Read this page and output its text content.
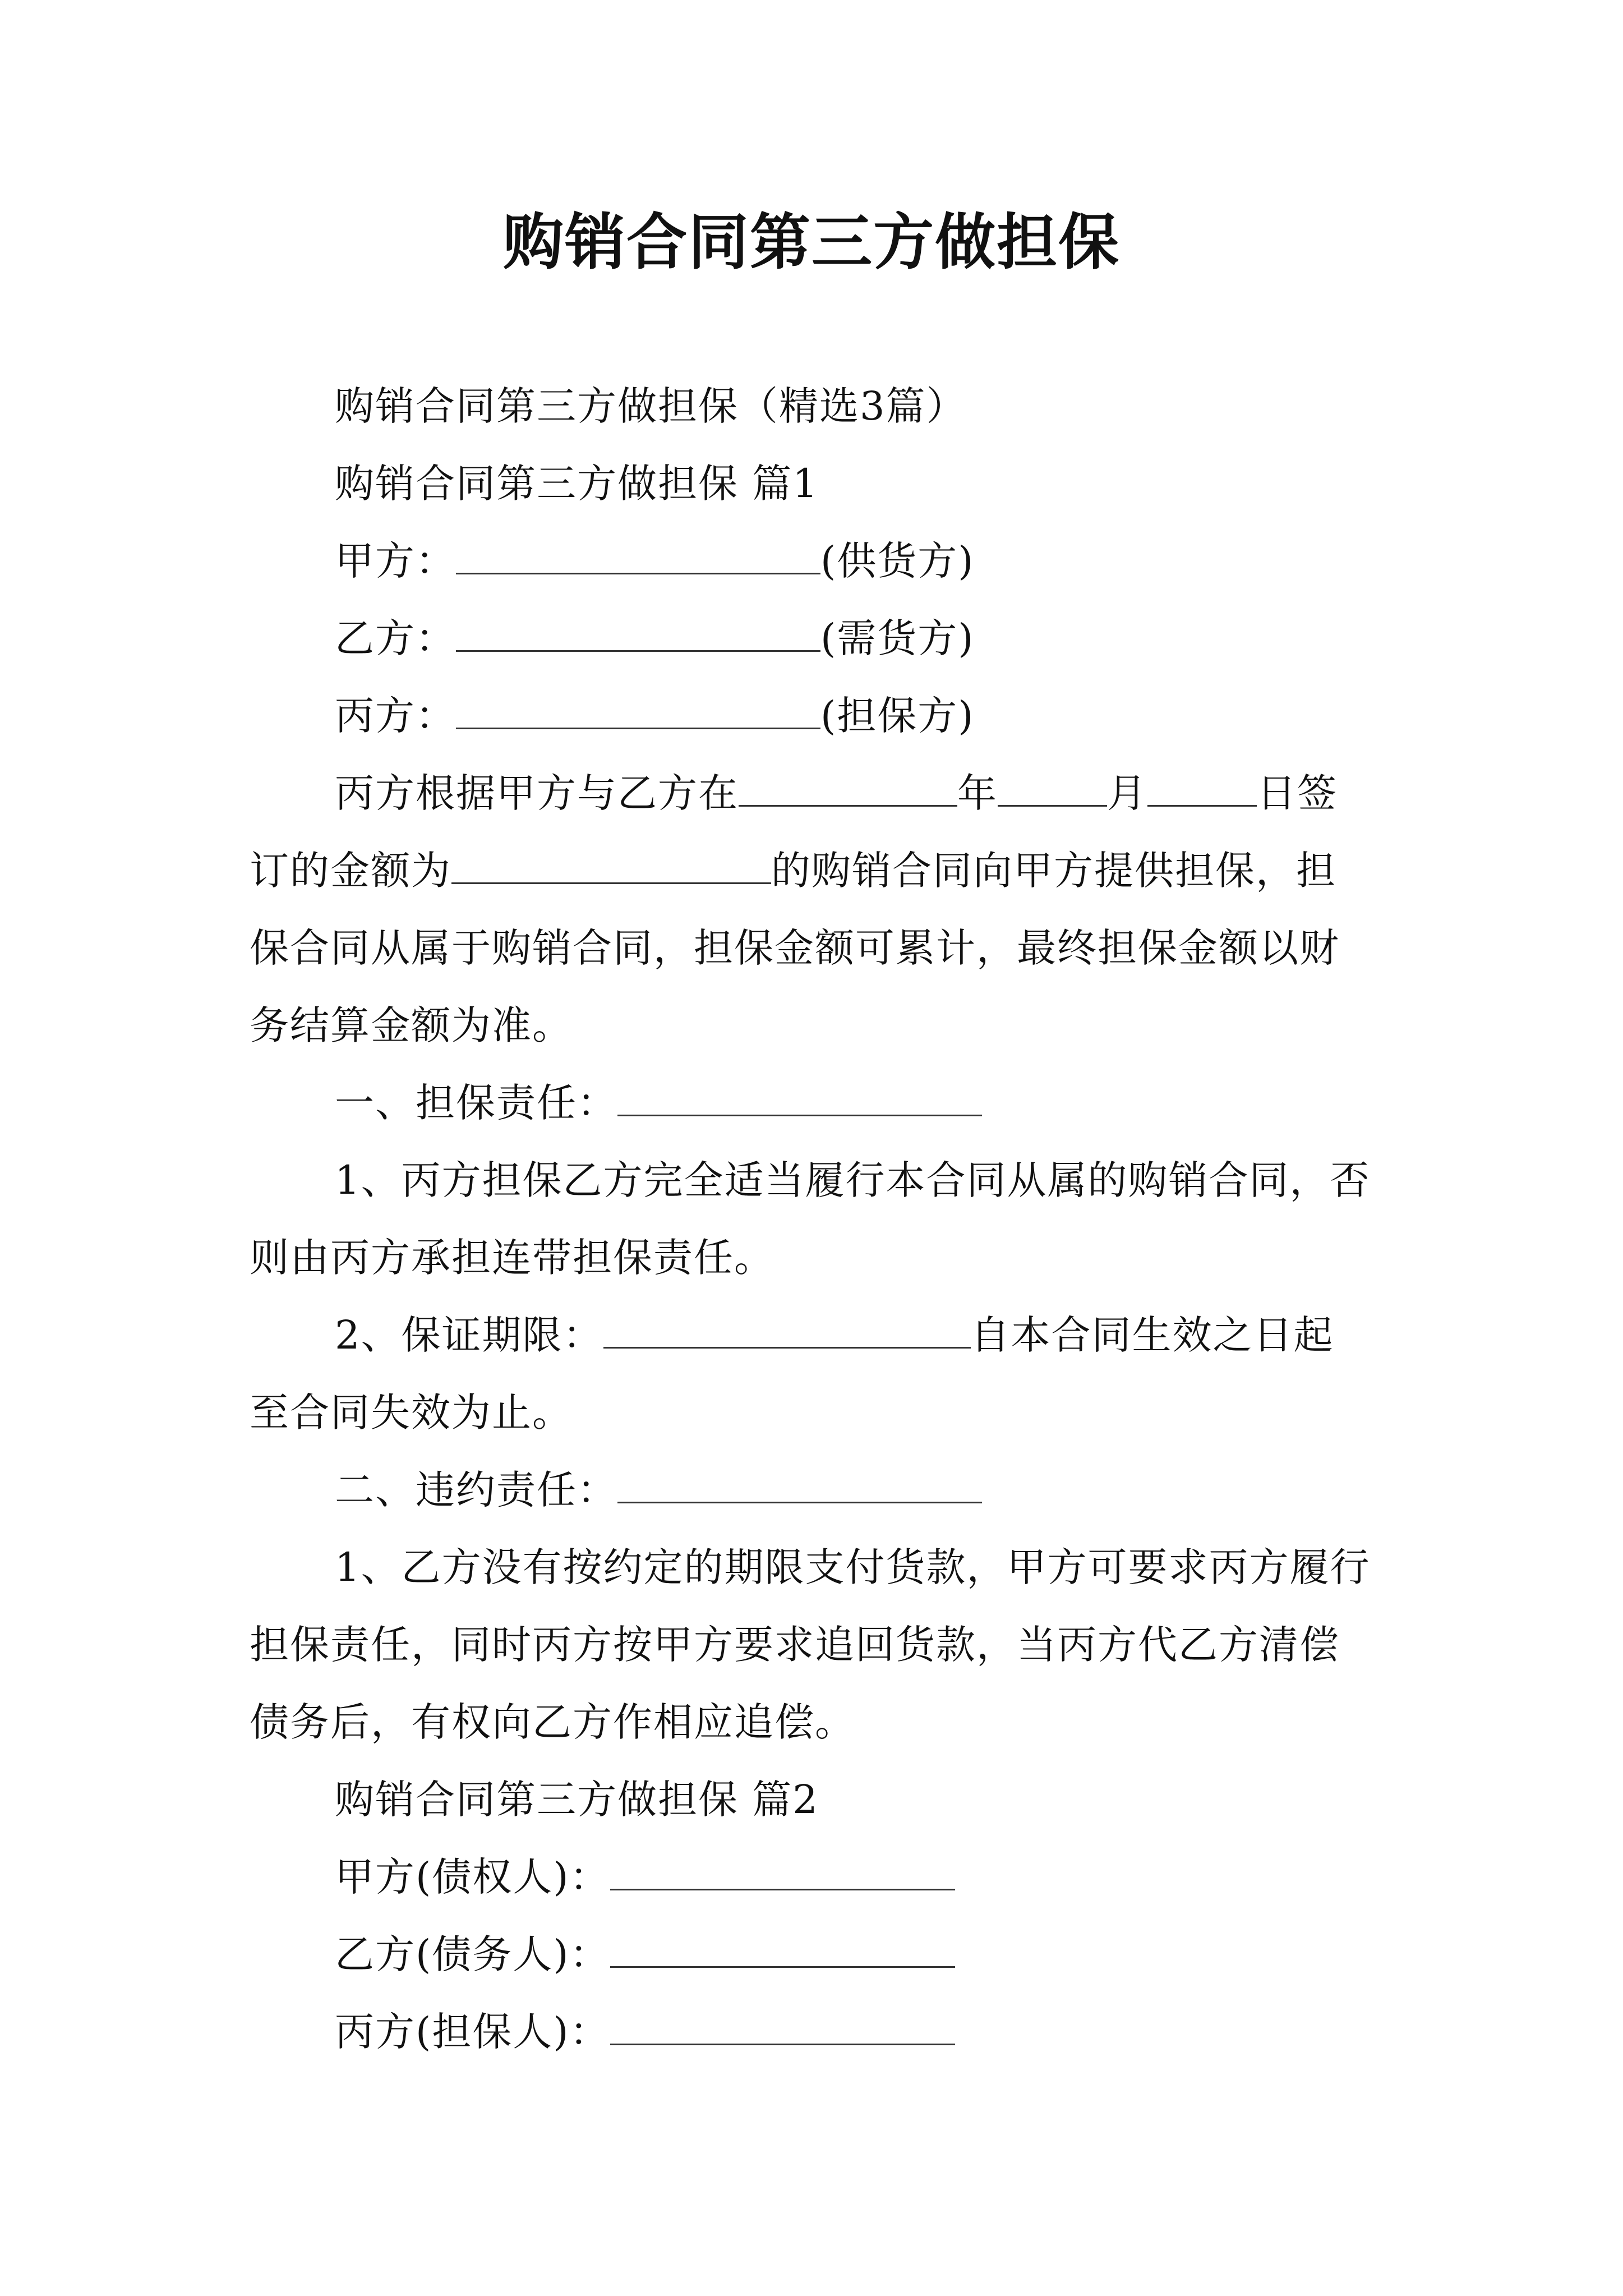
购销合同第三方做担保

购销合同第三方做担保（精选3篇）

购销合同第三方做担保 篇1

甲方：	(供货方)

乙方：	(需货方)

丙方：	(担保方)

丙方根据甲方与乙方在	年	月	日签订的金额为	的购销合同向甲方提供担保，担保合同从属于购销合同，担保金额可累计，最终担保金额以财务结算金额为准。

一、担保责任：

1、丙方担保乙方完全适当履行本合同从属的购销合同，否则由丙方承担连带担保责任。

2、保证期限：	自本合同生效之日起至合同失效为止。

二、违约责任：

1、乙方没有按约定的期限支付货款，甲方可要求丙方履行担保责任，同时丙方按甲方要求追回货款，当丙方代乙方清偿债务后，有权向乙方作相应追偿。

购销合同第三方做担保 篇2

甲方(债权人)：

乙方(债务人)：

丙方(担保人)：
